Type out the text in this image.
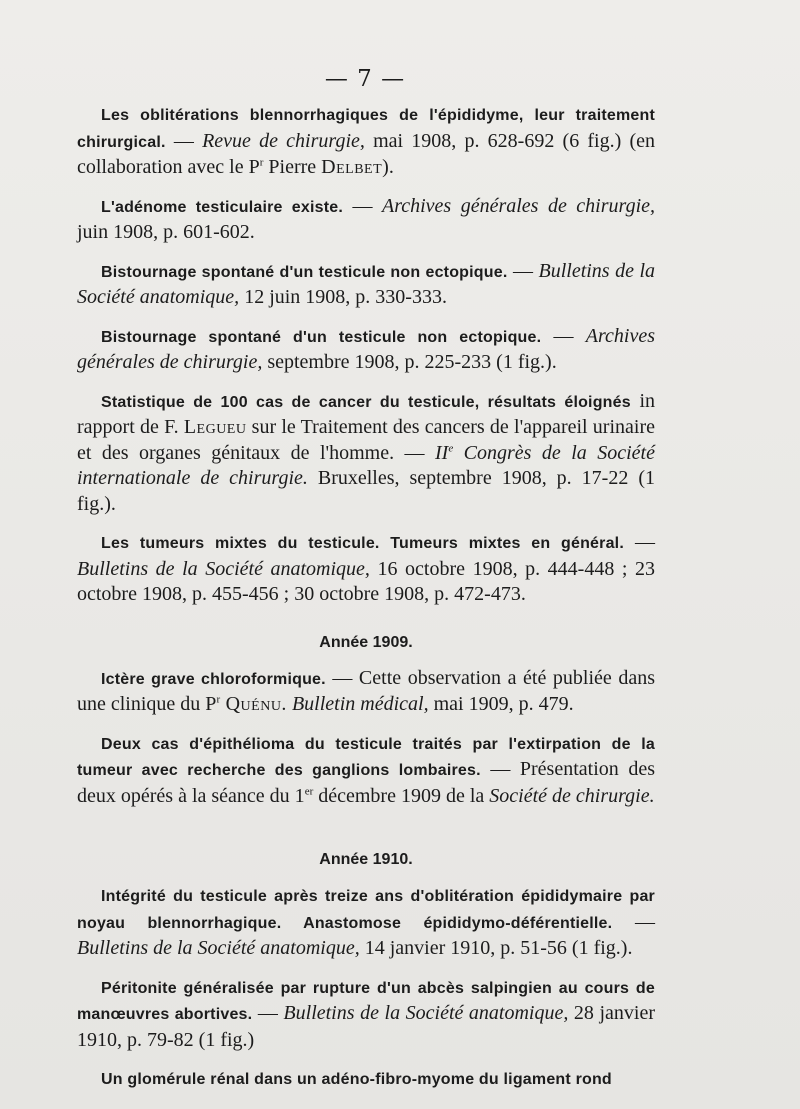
— 7 —

Les oblitérations blennorrhagiques de l'épididyme, leur traitement chirurgical. — Revue de chirurgie, mai 1908, p. 628-692 (6 fig.) (en collaboration avec le $P^r$ Pierre Delbet).

L'adénome testiculaire existe. — Archives générales de chirurgie, juin 1908, p. 601-602.

Bistournage spontané d'un testicule non ectopique. — Bulletins de la Société anatomique, 12 juin 1908, p. 330-333.

Bistournage spontané d'un testicule non ectopique. — Archives générales de chirurgie, septembre 1908, p. 225-233 (1 fig.).

Statistique de 100 cas de cancer du testicule, résultats éloignés in rapport de F. Legueu sur le Traitement des cancers de l'appareil urinaire et des organes génitaux de l'homme. — IIe Congrès de la Société internationale de chirurgie. Bruxelles, septembre 1908, p. 17-22 (1 fig.).

Les tumeurs mixtes du testicule. Tumeurs mixtes en général. — Bulletins de la Société anatomique, 16 octobre 1908, p. 444-448 ; 23 octobre 1908, p. 455-456 ; 30 octobre 1908, p. 472-473.

Année 1909.

Ictère grave chloroformique. — Cette observation a été publiée dans une clinique du $P^r$ Quénu. Bulletin médical, mai 1909, p. 479.

Deux cas d'épithélioma du testicule traités par l'extirpation de la tumeur avec recherche des ganglions lombaires. — Présentation des deux opérés à la séance du 1er décembre 1909 de la Société de chirurgie.

Année 1910.

Intégrité du testicule après treize ans d'oblitération épididymaire par noyau blennorrhagique. Anastomose épididymo-déférentielle. — Bulletins de la Société anatomique, 14 janvier 1910, p. 51-56 (1 fig.).

Péritonite généralisée par rupture d'un abcès salpingien au cours de manœuvres abortives. — Bulletins de la Société anatomique, 28 janvier 1910, p. 79-82 (1 fig.)

Un glomérule rénal dans un adéno-fibro-myome du ligament rond
